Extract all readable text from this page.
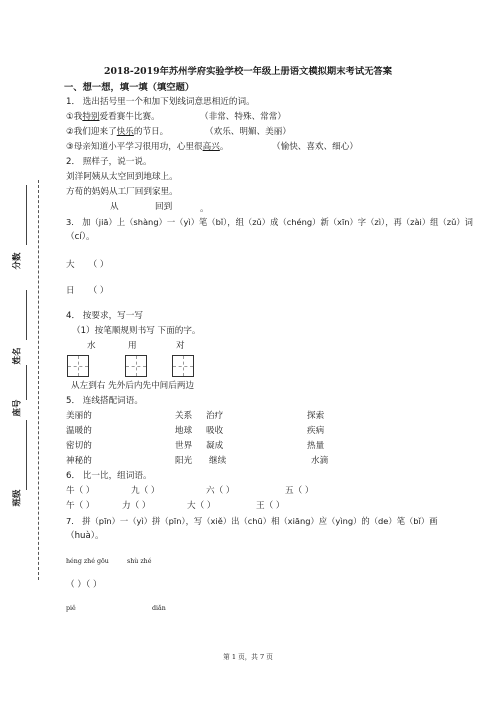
分数
姓名
座号
班级
2018-2019年苏州学府实验学校一年级上册语文模拟期末考试无答案
一、想一想，填一填（填空题）
1． 选出括号里一个和加下划线词意思相近的词。
①我特别爱看赛牛比赛。	（非常、特殊、常常）
②我们迎来了快乐的节日。	（欢乐、明媚、美丽）
③母亲知道小平学习很用功，心里很高兴。	（愉快、喜欢、细心）
2． 照样子，说一说。
刘洋阿姨从太空回到地球上。
方荀的妈妈从工厂回到家里。
从	回到	。
3． 加（jiā）上（shàng）一（yì）笔（bǐ），组（zǔ）成（chéng）新（xīn）字（zì），再（zài）组（zǔ）词
（cí）。
大 （ ）
日 （ ）
4． 按要求，写一写
（1）按笔顺规则书写 下面的字。
水	用	对
从左到右 先外后内先中间后两边
5． 连线搭配词语。
美丽的	关系 治疗	探索
温暖的	地球 吸收	疾病
密切的	世界 凝成	热量
神秘的	阳光 继续	水滴
6． 比一比，组词语。
牛（ ）	九（ ）	六（ ）	五（ ）
午（ ）	力（ ）	大（ ）	王（ ）
7． 拼（pīn）一（yì）拼（pīn），写（xiě）出（chū）相（xiāng）应（yìng）的（de）笔（bǐ）画
（huà）。
héng zhé gōu	shù zhé
（ ）（ ）
piě	diǎn
第 1 页，共 7 页
